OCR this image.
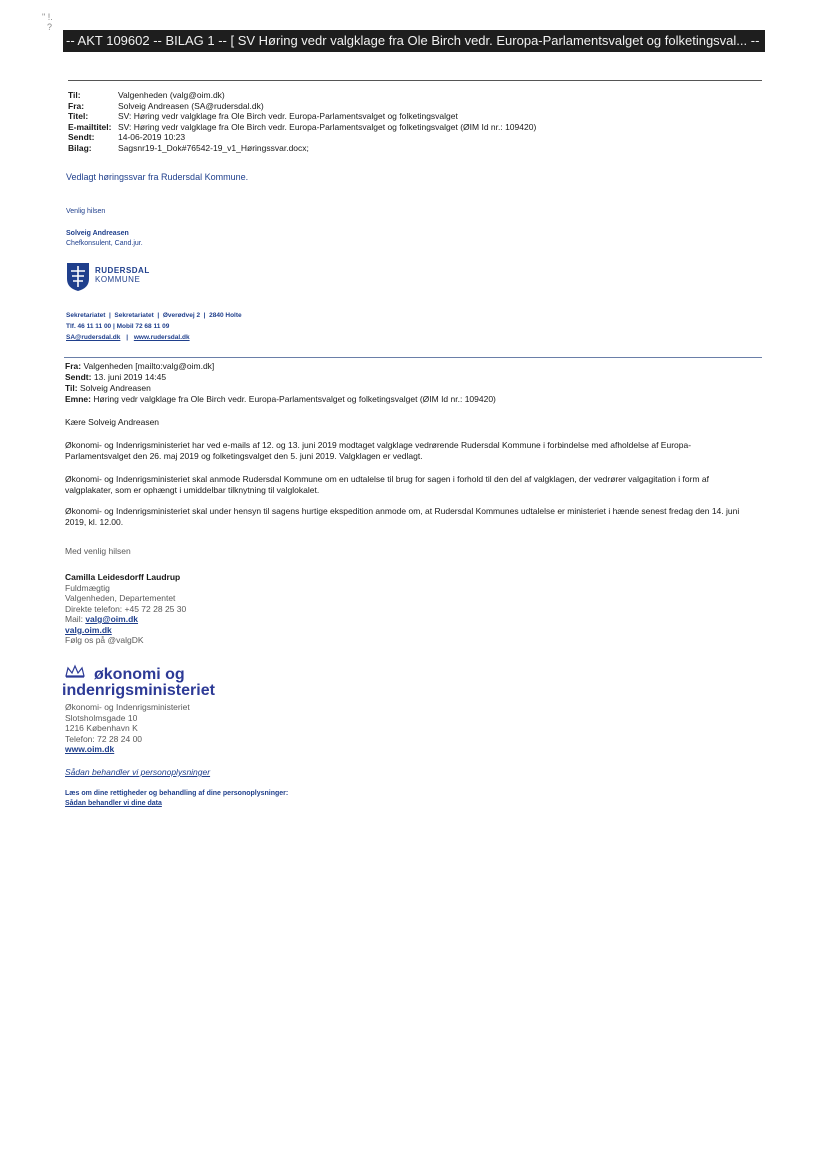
" !.
?
-- AKT 109602 -- BILAG 1 -- [ SV Høring vedr valgklage fra Ole Birch vedr. Europa-Parlamentsvalget og folketingsval... --
Til:	Valgenheden (valg@oim.dk)
Fra:	Solveig Andreasen (SA@rudersdal.dk)
Titel:	SV: Høring vedr valgklage fra Ole Birch vedr. Europa-Parlamentsvalget og folketingsvalget
E-mailtitel: SV: Høring vedr valgklage fra Ole Birch vedr. Europa-Parlamentsvalget og folketingsvalget (ØIM Id nr.: 109420)
Sendt:	14-06-2019 10:23
Bilag:	Sagsnr19-1_Dok#76542-19_v1_Høringssvar.docx;
Vedlagt høringssvar fra Rudersdal Kommune.
Venlig hilsen
Solveig Andreasen
Chefkonsulent, Cand.jur.
RUDERSDAL
KOMMUNE
Sekretariatet  |  Sekretariatet  |  Øverødvej 2  |  2840 Holte
Tlf. 46 11 11 00 | Mobil 72 68 11 09
SA@rudersdal.dk | www.rudersdal.dk
Fra: Valgenheden [mailto:valg@oim.dk]
Sendt: 13. juni 2019 14:45
Til: Solveig Andreasen
Emne: Høring vedr valgklage fra Ole Birch vedr. Europa-Parlamentsvalget og folketingsvalget (ØIM Id nr.: 109420)
Kære Solveig Andreasen
Økonomi- og Indenrigsministeriet har ved e-mails af 12. og 13. juni 2019 modtaget valgklage vedrørende Rudersdal Kommune i forbindelse med afholdelse af Europa-Parlamentsvalget den 26. maj 2019 og folketingsvalget den 5. juni 2019. Valgklagen er vedlagt.
Økonomi- og Indenrigsministeriet skal anmode Rudersdal Kommune om en udtalelse til brug for sagen i forhold til den del af valgklagen, der vedrører valgagitation i form af valgplakater, som er ophængt i umiddelbar tilknytning til valglokalet.
Økonomi- og Indenrigsministeriet skal under hensyn til sagens hurtige ekspedition anmode om, at Rudersdal Kommunes udtalelse er ministeriet i hænde senest fredag den 14. juni 2019, kl. 12.00.
Med venlig hilsen
Camilla Leidesdorff Laudrup
Fuldmægtig
Valgenheden, Departementet
Direkte telefon: +45 72 28 25 30
Mail: valg@oim.dk
valg.oim.dk
Følg os på @valgDK
økonomi og
indenrigsministeriet
Økonomi- og Indenrigsministeriet
Slotsholmsgade 10
1216 København K
Telefon: 72 28 24 00
www.oim.dk
Sådan behandler vi personoplysninger
Læs om dine rettigheder og behandling af dine personoplysninger:
Sådan behandler vi dine data
